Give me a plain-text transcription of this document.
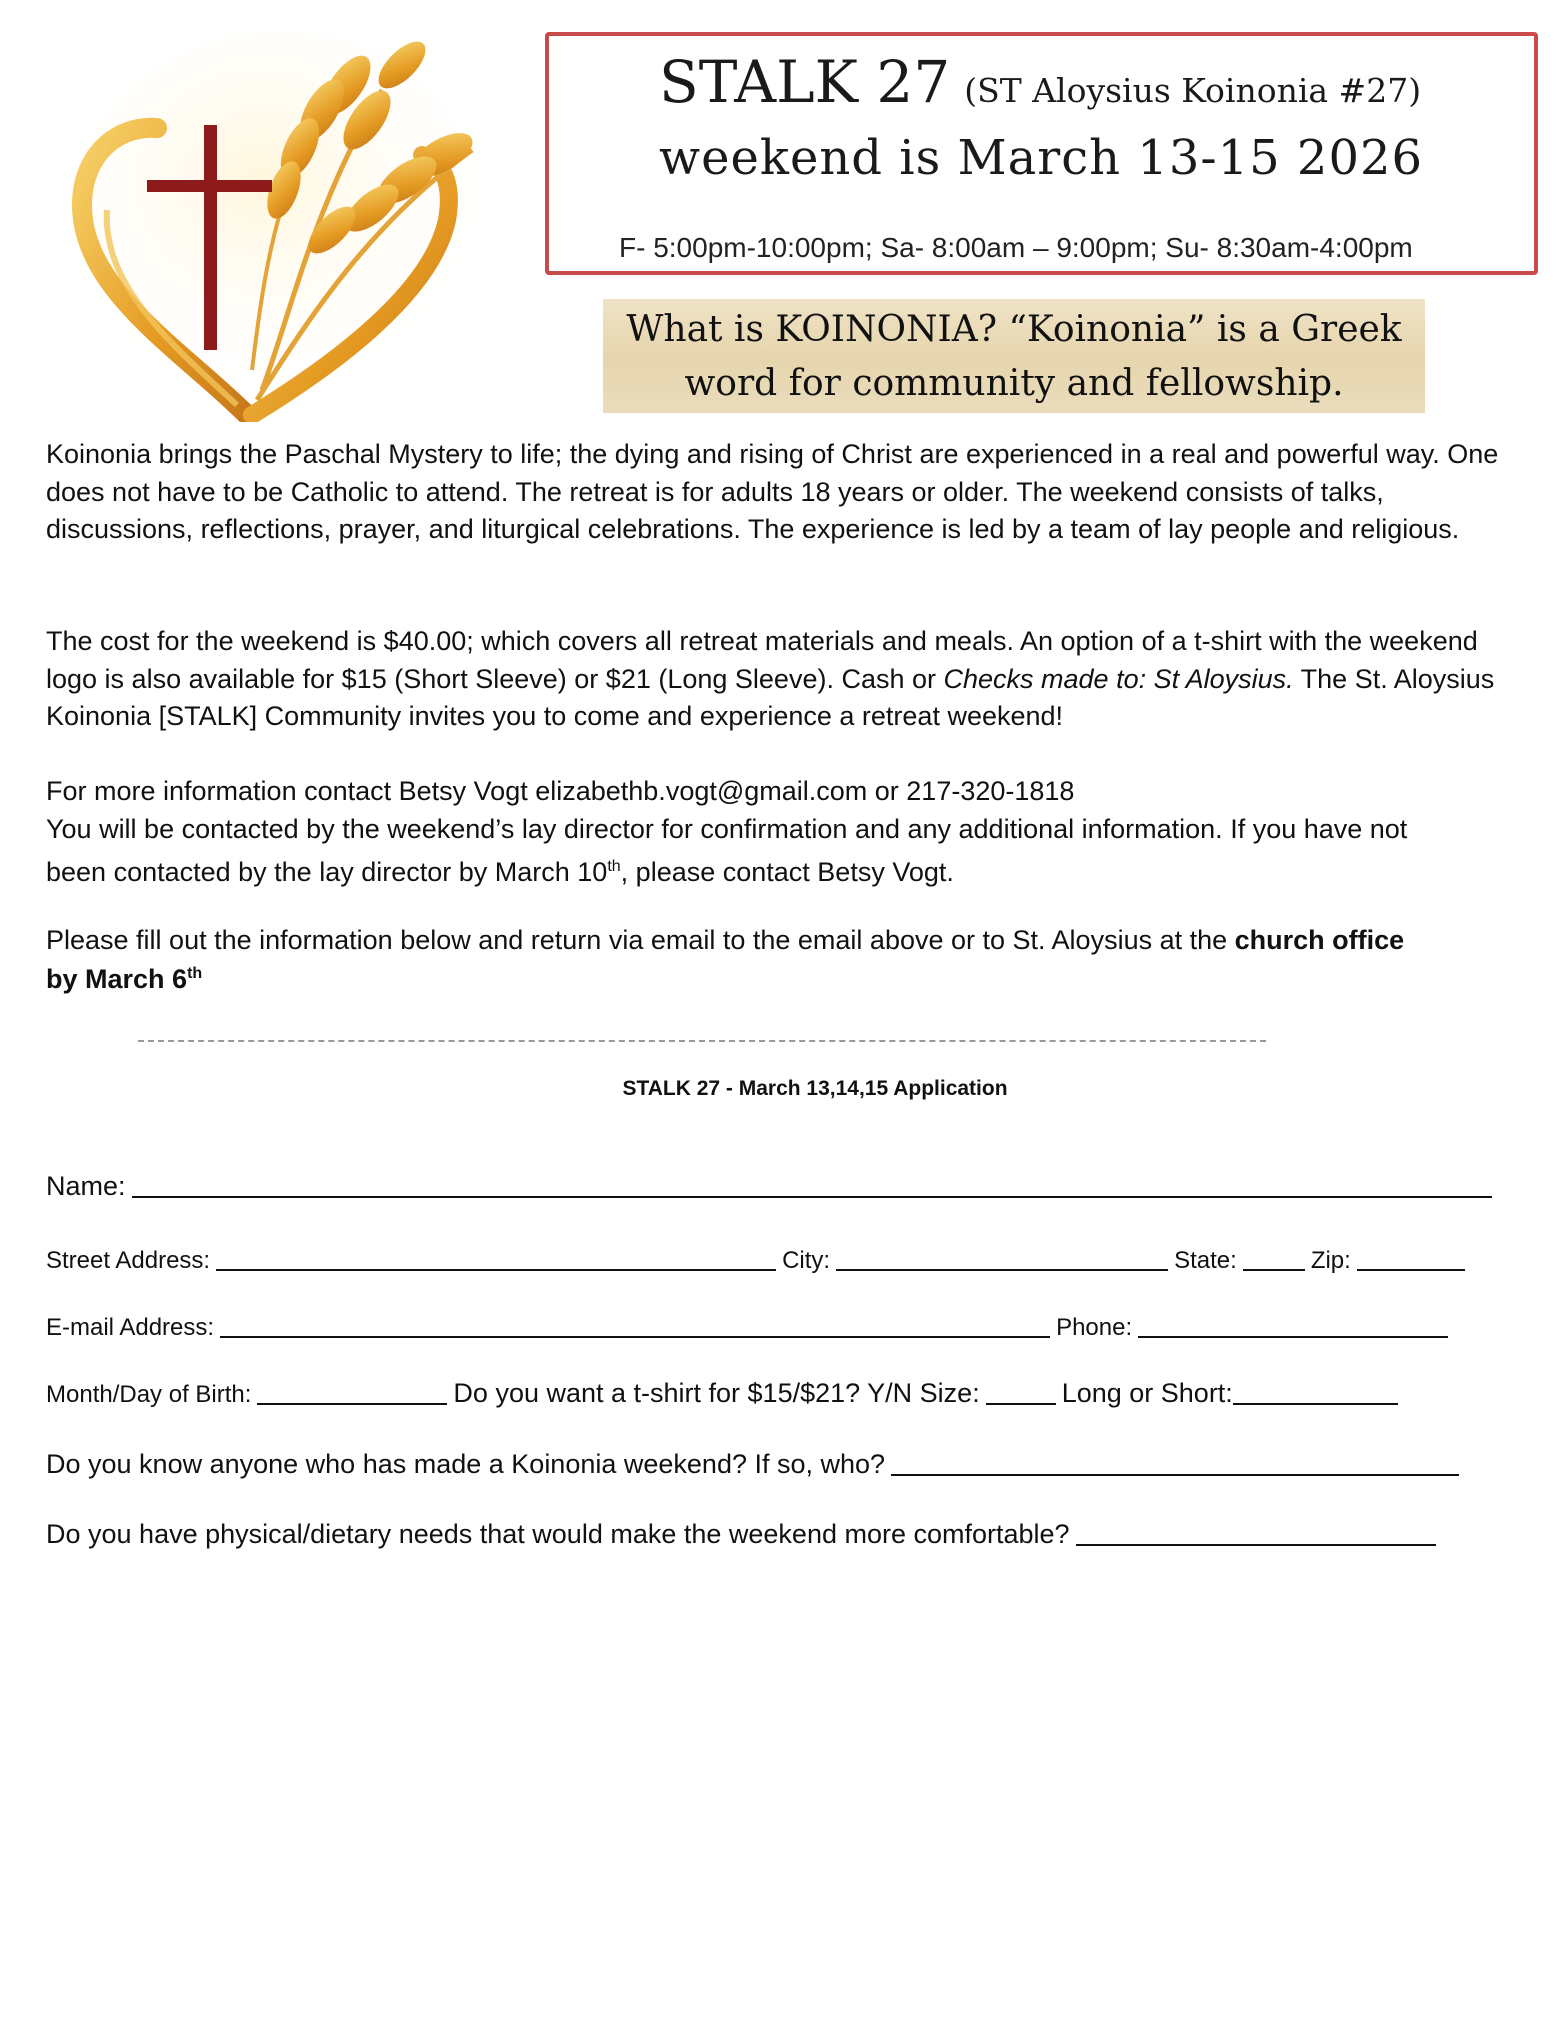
STALK 27 (ST Aloysius Koinonia #27)
weekend is March 13-15 2026
F- 5:00pm-10:00pm; Sa- 8:00am – 9:00pm; Su- 8:30am-4:00pm
What is KOINONIA? “Koinonia” is a Greek
word for community and fellowship.

Koinonia brings the Paschal Mystery to life; the dying and rising of Christ are experienced in a real and powerful way. One does not have to be Catholic to attend. The retreat is for adults 18 years or older. The weekend consists of talks, discussions, reflections, prayer, and liturgical celebrations. The experience is led by a team of lay people and religious.

The cost for the weekend is $40.00; which covers all retreat materials and meals. An option of a t-shirt with the weekend logo is also available for $15 (Short Sleeve) or $21 (Long Sleeve). Cash or Checks made to: St Aloysius. The St. Aloysius Koinonia [STALK] Community invites you to come and experience a retreat weekend!

For more information contact Betsy Vogt elizabethb.vogt@gmail.com or 217-320-1818

You will be contacted by the weekend’s lay director for confirmation and any additional information. If you have not

been contacted by the lay director by March 10th, please contact Betsy Vogt.

Please fill out the information below and return via email to the email above or to St. Aloysius at the church office

by March 6th

STALK 27 - March 13,14,15 Application
Name:
Street Address:	City:	State:	Zip:
E-mail Address:	Phone:
Month/Day of Birth:	Do you want a t-shirt for $15/$21? Y/N Size:	Long or Short:
Do you know anyone who has made a Koinonia weekend? If so, who?
Do you have physical/dietary needs that would make the weekend more comfortable?
